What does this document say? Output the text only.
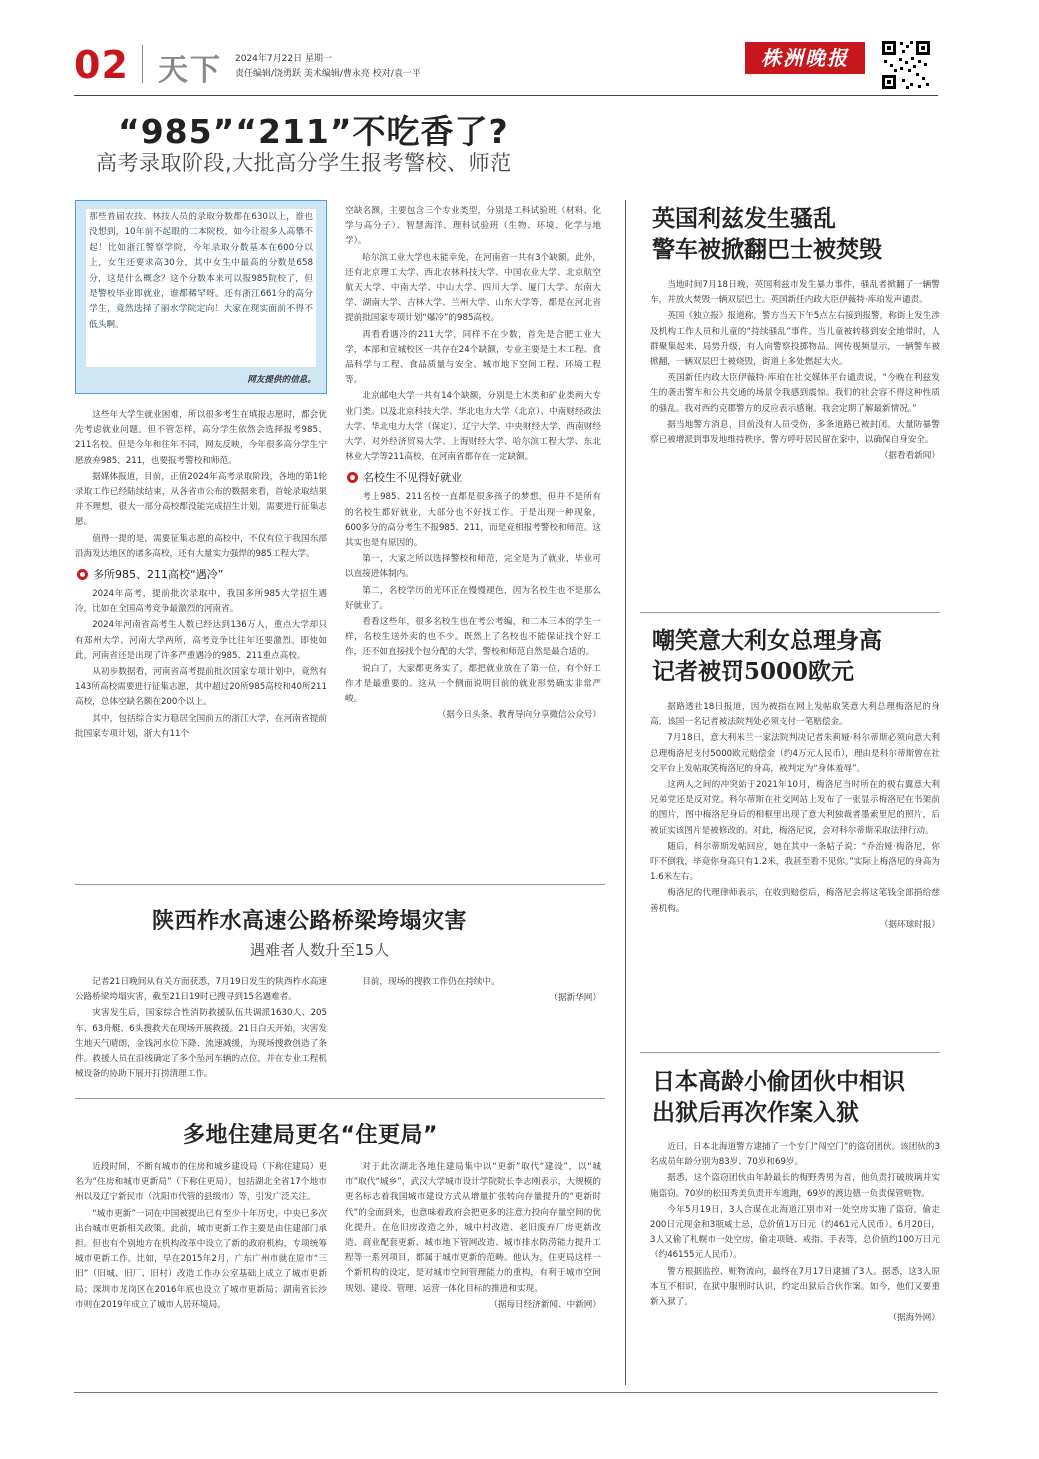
02 天下 2024年7月22日 星期一
责任编辑/饶勇跃 美术编辑/曹永亮 校对/袁一平
株洲晚报
“985”“211”不吃香了?
高考录取阶段,大批高分学生报考警校、师范
那些普届农技、林技人员的录取分数都在630以上，谁也没想到，10年前不起眼的二本院校，如今让很多人高攀不起！比如浙江警察学院，今年录取分数基本在600分以上，女生还要求高30分，其中女生中最高的分数是658分，这是什么概念？这个分数本来可以报985院校了，但是警校毕业即就业，谁都稀罕呀。还有浙江661分的高分学生，竟然选择了丽水学院定向！大家在现实面前不得不低头啊。
网友提供的信息。

这些年大学生就业困难，所以很多考生在填报志愿时，都会优先考虑就业问题。但不管怎样，高分学生依然会选择报考985、211名校。但是今年和往年不同，网友反映，今年很多高分学生宁愿放弃985、211，也要报考警校和师范。

据媒体报道，目前，正值2024年高考录取阶段，各地的第1轮录取工作已经陆续结束，从各省市公布的数据来看，首轮录取结果并不理想，很大一部分高校都没能完成招生计划，需要进行征集志愿。

值得一提的是，需要征集志愿的高校中，不仅有位于我国东部沿海发达地区的诸多高校，还有大量实力强悍的985工程大学。

多所985、211高校“遇冷”

2024年高考，提前批次录取中，我国多所985大学招生遇冷，比如在全国高考竞争最激烈的河南省。

2024年河南省高考生人数已经达到136万人，重点大学却只有郑州大学、河南大学两所，高考竞争比往年还要激烈。即使如此，河南省还是出现了许多严重遇冷的985、211重点高校。

从初步数据看，河南省高考提前批次国家专项计划中，竟然有143所高校需要进行征集志愿，其中超过20所985高校和40所211高校，总体空缺名额在200个以上。

其中，包括综合实力稳居全国前五的浙江大学，在河南省提前批国家专项计划，浙大有11个

空缺名额，主要包含三个专业类型，分别是工科试验班（材料、化学与高分子）、智慧海洋、理科试验班（生物、环境、化学与地学）。

哈尔滨工业大学也未能幸免，在河南省一共有3个缺额。此外，还有北京理工大学、西北农林科技大学、中国农业大学、北京航空航天大学、中南大学、中山大学、四川大学、厦门大学、东南大学、湖南大学、吉林大学、兰州大学、山东大学等，都是在河北省提前批国家专项计划“爆冷”的985高校。

再看看遇冷的211大学，同样不在少数，首先是合肥工业大学，本部和宣城校区一共存在24个缺额，专业主要是土木工程、食品科学与工程、食品质量与安全、城市地下空间工程、环境工程等。

北京邮电大学一共有14个缺额，分别是土木类和矿业类两大专业门类。以及北京科技大学、华北电力大学（北京）、中南财经政法大学、华北电力大学（保定）、辽宁大学、中央财经大学、西南财经大学、对外经济贸易大学、上海财经大学、哈尔滨工程大学、东北林业大学等211高校，在河南省都存在一定缺额。

名校生不见得好就业

考上985、211名校一直都是很多孩子的梦想，但并不是所有的名校生都好就业，大部分也不好找工作。于是出现一种现象，600多分的高分考生不报985、211，而是竟相报考警校和师范。这其实也是有原因的。

第一，大家之所以选择警校和师范，完全是为了就业，毕业可以直接进体制内。

第二，名校学历的光环正在慢慢褪色，因为名校生也不是那么好就业了。

看看这些年，很多名校生也在考公考编，和二本三本的学生一样，名校生送外卖的也不少。既然上了名校也不能保证找个好工作，还不如直接找个包分配的大学，警校和师范自然是最合适的。

说白了，大家都更务实了，都把就业放在了第一位，有个好工作才是最重要的。这从一个侧面说明目前的就业形势确实非常严峻。

（据今日头条、教育导向分享微信公众号）
陕西柞水高速公路桥梁垮塌灾害
遇难者人数升至15人

记者21日晚间从有关方面获悉，7月19日发生的陕西柞水高速公路桥梁垮塌灾害，截至21日19时已搜寻到15名遇难者。

灾害发生后，国家综合性消防救援队伍共调派1630人、205车、63舟艇、6头搜救犬在现场开展救援。21日白天开始，灾害发生地天气晴朗，金钱河水位下降、流速减缓，为现场搜救创造了条件。救援人员在沿线确定了多个坠河车辆的点位，并在专业工程机械设备的协助下展开打捞清理工作。

目前，现场的搜救工作仍在持续中。

（据新华网）
多地住建局更名“住更局”

近段时间，不断有城市的住房和城乡建设局（下称住建局）更名为“住房和城市更新局”（下称住更局），包括湖北全省17个地市州以及辽宁新民市（沈阳市代管的县级市）等，引发广泛关注。

“城市更新”一词在中国被提出已有至少十年历史，中央已多次出台城市更新相关政策。此前，城市更新工作主要是由住建部门承担。但也有个别地方在机构改革中设立了新的政府机构，专项统筹城市更新工作。比如，早在2015年2月，广东广州市就在原市“三旧”（旧城、旧厂、旧村）改造工作办公室基础上成立了城市更新局；深圳市龙岗区在2016年底也设立了城市更新局；湖南省长沙市则在2019年成立了城市人居环境局。

对于此次湖北各地住建局集中以“更新”取代“建设”，以“城市”取代“城乡”，武汉大学城市设计学院院长李志刚表示，大规模的更名标志着我国城市建设方式从增量扩张转向存量提升的“更新时代”的全面到来，也意味着政府会把更多的注意力投向存量空间的优化提升。在危旧房改造之外，城中村改造、老旧废弃厂房更新改造、商业配套更新、城市地下管网改造、城市排水防涝能力提升工程等一系列项目，都属于城市更新的范畴。他认为，住更局这样一个新机构的设定，是对城市空间管理能力的重构，有利于城市空间规划、建设、管理、运营一体化目标的推进和实现。

（据每日经济新闻、中新网）
英国利兹发生骚乱
警车被掀翻巴士被焚毁

当地时间7月18日晚，英国利兹市发生暴力事件，骚乱者掀翻了一辆警车，并放火焚毁一辆双层巴士。英国新任内政大臣伊薇特·库珀发声谴责。

英国《独立报》报道称，警方当天下午5点左右接到报警，称街上发生涉及机构工作人员和儿童的“持续骚乱”事件。当儿童被转移到安全地带时，人群聚集起来，局势升级，有人向警察投掷物品。网传视频显示，一辆警车被掀翻，一辆双层巴士被烧毁，街道上多处燃起大火。

英国新任内政大臣伊薇特·库珀在社交媒体平台谴责说，“今晚在利兹发生的袭击警车和公共交通的场景令我感到震惊。我们的社会容不得这种性质的骚乱。我对西约克郡警方的反应表示感谢。我会定期了解最新情况。”

据当地警方消息，目前没有人员受伤，多条道路已被封闭。大量防暴警察已被增派到事发地维持秩序，警方呼吁居民留在家中，以确保自身安全。

（据看看新闻）
嘲笑意大利女总理身高
记者被罚5000欧元

据路透社18日报道，因为被指在网上发帖取笑意大利总理梅洛尼的身高，该国一名记者被法院判处必须支付一笔赔偿金。

7月18日，意大利米兰一家法院判决记者朱莉娅·科尔蒂斯必须向意大利总理梅洛尼支付5000欧元赔偿金（约4万元人民币），理由是科尔蒂斯曾在社交平台上发帖取笑梅洛尼的身高，被判定为“身体羞辱”。

这两人之间的冲突始于2021年10月，梅洛尼当时所在的极右翼意大利兄弟党还是反对党。科尔蒂斯在社交网站上发布了一张显示梅洛尼在书架前的图片，图中梅洛尼身后的相框里出现了意大利独裁者墨索里尼的照片，后被证实该图片是被修改的。对此，梅洛尼说，会对科尔蒂斯采取法律行动。

随后，科尔蒂斯发帖回应，她在其中一条帖子说：“乔治娅·梅洛尼，你吓不倒我，毕竟你身高只有1.2米，我甚至看不见你。”实际上梅洛尼的身高为1.6米左右。

梅洛尼的代理律师表示，在收到赔偿后，梅洛尼会将这笔钱全部捐给慈善机构。

（据环球时报）
日本高龄小偷团伙中相识
出狱后再次作案入狱

近日，日本北海道警方逮捕了一个专门“闯空门”的盗窃团伙。该团伙的3名成员年龄分别为83岁、70岁和69岁。

据悉，这个盗窃团伙由年龄最长的梅野秀男为首，他负责打破玻璃并实施盗窃。70岁的松田秀美负责开车逃跑，69岁的渡边德一负责保管赃物。

今年5月19日，3人合谋在北海道江别市对一处空房实施了盗窃，偷走200日元现金和3瓶威士忌，总价值1万日元（约461元人民币）。6月20日，3人又偷了札幌市一处空房，偷走项链、戒指、手表等，总价值约100万日元（约46155元人民币）。

警方根据监控、赃物流向，最终在7月17日逮捕了3人。据悉，这3人原本互不相识，在狱中服刑时认识，约定出狱后合伙作案。如今，他们又要重新入狱了。

（据海外网）
